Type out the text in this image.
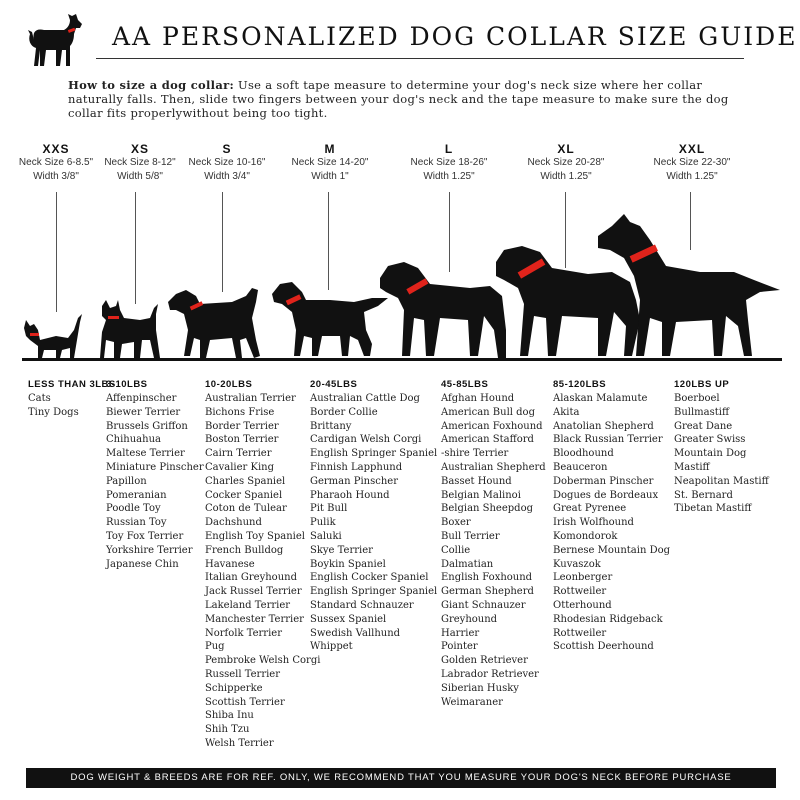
AA PERSONALIZED DOG COLLAR SIZE GUIDE
How to size a dog collar: Use a soft tape measure to determine your dog's neck size where her collar naturally falls. Then, slide two fingers between your dog's neck and the tape measure to make sure the dog collar fits properlywithout being too tight.
XXS
Neck Size 6-8.5"
Width 3/8"
XS
Neck Size 8-12"
Width 5/8"
S
Neck Size 10-16"
Width 3/4"
M
Neck Size 14-20"
Width 1"
L
Neck Size 18-26"
Width 1.25"
XL
Neck Size 20-28"
Width 1.25"
XXL
Neck Size 22-30"
Width 1.25"
LESS THAN 3LBS
Cats
Tiny Dogs
3-10LBS
Affenpinscher
Biewer Terrier
Brussels Griffon
Chihuahua
Maltese Terrier
Miniature Pinscher
Papillon
Pomeranian
Poodle Toy
Russian Toy
Toy Fox Terrier
Yorkshire Terrier
Japanese Chin
10-20LBS
Australian Terrier
Bichons Frise
Border Terrier
Boston Terrier
Cairn Terrier
Cavalier King
Charles Spaniel
Cocker Spaniel
Coton de Tulear
Dachshund
English Toy Spaniel
French Bulldog
Havanese
Italian Greyhound
Jack Russel Terrier
Lakeland Terrier
Manchester Terrier
Norfolk Terrier
Pug
Pembroke Welsh Corgi
Russell Terrier
Schipperke
Scottish Terrier
Shiba Inu
Shih Tzu
Welsh Terrier
20-45LBS
Australian Cattle Dog
Border Collie
Brittany
Cardigan Welsh Corgi
English Springer Spaniel
Finnish Lapphund
German Pinscher
Pharaoh Hound
Pit Bull
Pulik
Saluki
Skye Terrier
Boykin Spaniel
English Cocker Spaniel
English Springer Spaniel
Standard Schnauzer
Sussex Spaniel
Swedish Vallhund
Whippet
45-85LBS
Afghan Hound
American Bull dog
American Foxhound
American Stafford
-shire Terrier
Australian Shepherd
Basset Hound
Belgian Malinoi
Belgian Sheepdog
Boxer
Bull Terrier
Collie
Dalmatian
English Foxhound
German Shepherd
Giant Schnauzer
Greyhound
Harrier
Pointer
Golden Retriever
Labrador Retriever
Siberian Husky
Weimaraner
85-120LBS
Alaskan Malamute
Akita
Anatolian Shepherd
Black Russian Terrier
Bloodhound
Beauceron
Doberman Pinscher
Dogues de Bordeaux
Great Pyrenee
Irish Wolfhound
Komondorok
Bernese Mountain Dog
Kuvaszok
Leonberger
Rottweiler
Otterhound
Rhodesian Ridgeback
Rottweiler
Scottish Deerhound
120LBS UP
Boerboel
Bullmastiff
Great Dane
Greater Swiss
Mountain Dog
Mastiff
Neapolitan Mastiff
St. Bernard
Tibetan Mastiff
DOG WEIGHT & BREEDS ARE FOR REF. ONLY, WE RECOMMEND THAT YOU MEASURE YOUR DOG'S NECK BEFORE PURCHASE
